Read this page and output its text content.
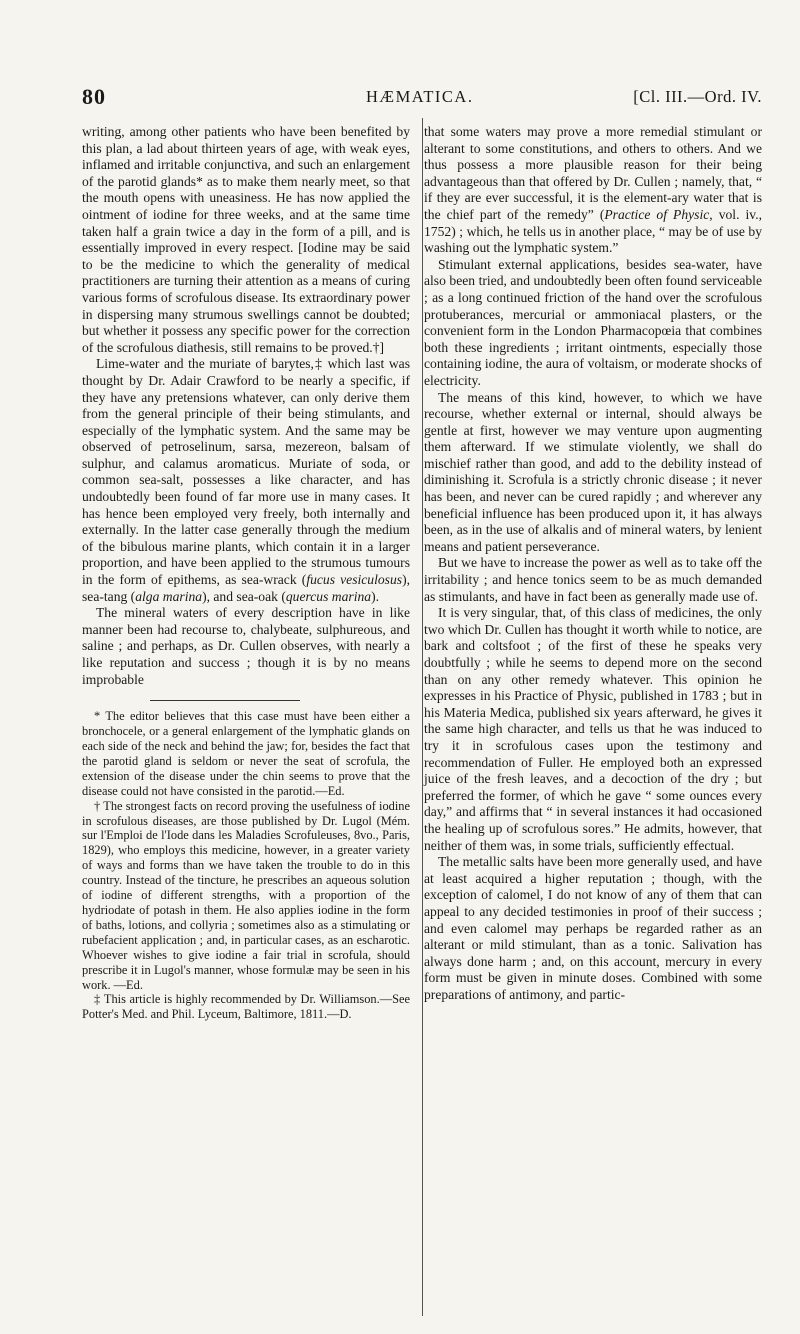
80	HÆMATICA.	[Cl. III.—Ord. IV.

writing, among other patients who have been benefited by this plan, a lad about thirteen years of age, with weak eyes, inflamed and irritable conjunctiva, and such an enlargement of the parotid glands* as to make them nearly meet, so that the mouth opens with uneasiness. He has now applied the ointment of iodine for three weeks, and at the same time taken half a grain twice a day in the form of a pill, and is essentially improved in every respect. [Iodine may be said to be the medicine to which the generality of medical practitioners are turning their attention as a means of curing various forms of scrofulous disease. Its extraordinary power in dispersing many strumous swellings cannot be doubted; but whether it possess any specific power for the correction of the scrofulous diathesis, still remains to be proved.†]

Lime-water and the muriate of barytes,‡ which last was thought by Dr. Adair Crawford to be nearly a specific, if they have any pretensions whatever, can only derive them from the general principle of their being stimulants, and especially of the lymphatic system. And the same may be observed of petroselinum, sarsa, mezereon, balsam of sulphur, and calamus aromaticus. Muriate of soda, or common sea-salt, possesses a like character, and has undoubtedly been found of far more use in many cases. It has hence been employed very freely, both internally and externally. In the latter case generally through the medium of the bibulous marine plants, which contain it in a larger proportion, and have been applied to the strumous tumours in the form of epithems, as sea-wrack (fucus vesiculosus), sea-tang (alga marina), and sea-oak (quercus marina).

The mineral waters of every description have in like manner been had recourse to, chalybeate, sulphureous, and saline ; and perhaps, as Dr. Cullen observes, with nearly a like reputation and success ; though it is by no means improbable

* The editor believes that this case must have been either a bronchocele, or a general enlargement of the lymphatic glands on each side of the neck and behind the jaw; for, besides the fact that the parotid gland is seldom or never the seat of scrofula, the extension of the disease under the chin seems to prove that the disease could not have consisted in the parotid.—Ed.

† The strongest facts on record proving the usefulness of iodine in scrofulous diseases, are those published by Dr. Lugol (Mém. sur l'Emploi de l'Iode dans les Maladies Scrofuleuses, 8vo., Paris, 1829), who employs this medicine, however, in a greater variety of ways and forms than we have taken the trouble to do in this country. Instead of the tincture, he prescribes an aqueous solution of iodine of different strengths, with a proportion of the hydriodate of potash in them. He also applies iodine in the form of baths, lotions, and collyria ; sometimes also as a stimulating or rubefacient application ; and, in particular cases, as an escharotic. Whoever wishes to give iodine a fair trial in scrofula, should prescribe it in Lugol's manner, whose formulæ may be seen in his work. —Ed.

‡ This article is highly recommended by Dr. Williamson.—See Potter's Med. and Phil. Lyceum, Baltimore, 1811.—D.

that some waters may prove a more remedial stimulant or alterant to some constitutions, and others to others. And we thus possess a more plausible reason for their being advantageous than that offered by Dr. Cullen ; namely, that, “ if they are ever successful, it is the element-ary water that is the chief part of the remedy” (Practice of Physic, vol. iv., 1752) ; which, he tells us in another place, “ may be of use by washing out the lymphatic system.”

Stimulant external applications, besides sea-water, have also been tried, and undoubtedly been often found serviceable ; as a long continued friction of the hand over the scrofulous protuberances, mercurial or ammoniacal plasters, or the convenient form in the London Pharmacopœia that combines both these ingredients ; irritant ointments, especially those containing iodine, the aura of voltaism, or moderate shocks of electricity.

The means of this kind, however, to which we have recourse, whether external or internal, should always be gentle at first, however we may venture upon augmenting them afterward. If we stimulate violently, we shall do mischief rather than good, and add to the debility instead of diminishing it. Scrofula is a strictly chronic disease ; it never has been, and never can be cured rapidly ; and wherever any beneficial influence has been produced upon it, it has always been, as in the use of alkalis and of mineral waters, by lenient means and patient perseverance.

But we have to increase the power as well as to take off the irritability ; and hence tonics seem to be as much demanded as stimulants, and have in fact been as generally made use of.

It is very singular, that, of this class of medicines, the only two which Dr. Cullen has thought it worth while to notice, are bark and coltsfoot ; of the first of these he speaks very doubtfully ; while he seems to depend more on the second than on any other remedy whatever. This opinion he expresses in his Practice of Physic, published in 1783 ; but in his Materia Medica, published six years afterward, he gives it the same high character, and tells us that he was induced to try it in scrofulous cases upon the testimony and recommendation of Fuller. He employed both an expressed juice of the fresh leaves, and a decoction of the dry ; but preferred the former, of which he gave “ some ounces every day,” and affirms that “ in several instances it had occasioned the healing up of scrofulous sores.” He admits, however, that neither of them was, in some trials, sufficiently effectual.

The metallic salts have been more generally used, and have at least acquired a higher reputation ; though, with the exception of calomel, I do not know of any of them that can appeal to any decided testimonies in proof of their success ; and even calomel may perhaps be regarded rather as an alterant or mild stimulant, than as a tonic. Salivation has always done harm ; and, on this account, mercury in every form must be given in minute doses. Combined with some preparations of antimony, and partic-
